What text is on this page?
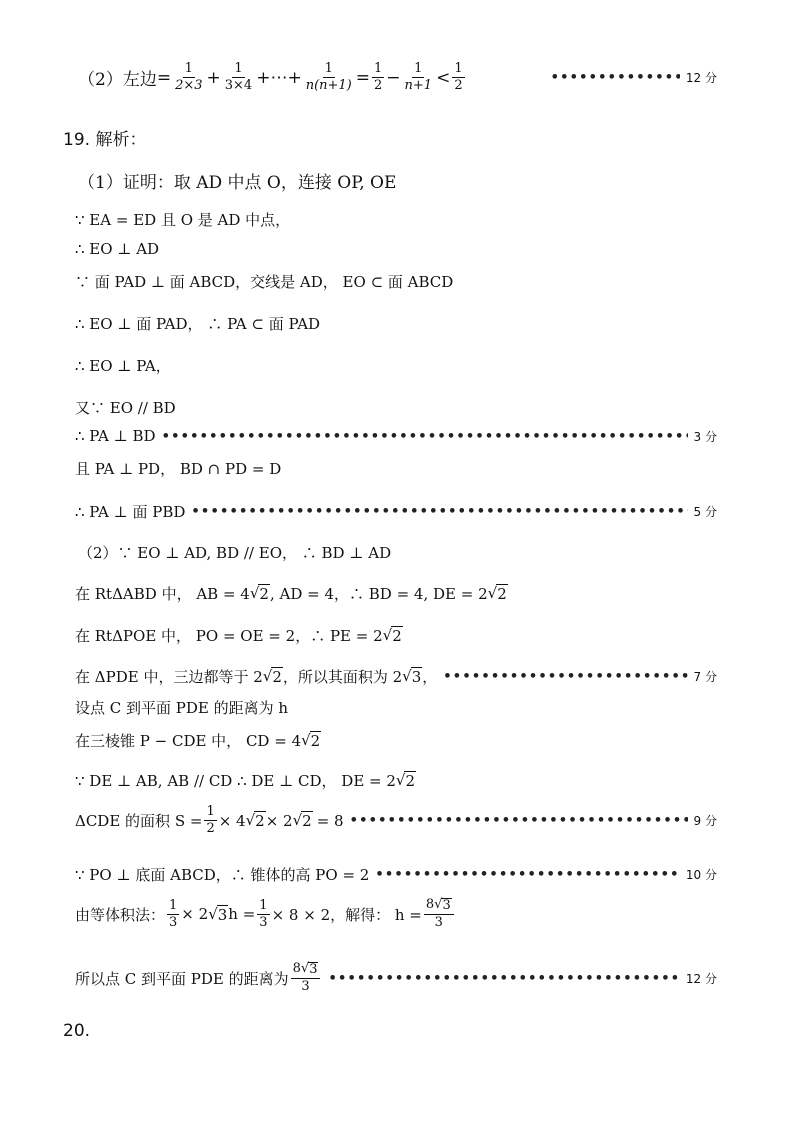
（2）左边 = $\frac{1}{2\times 3} + \frac{1}{3\times 4}$ +⋯+ $\frac{1}{n(n+1)} = \frac{1}{2} - \frac{1}{n+1} < \frac{1}{2}$ •••••	12 分
19. 解析：
（1）证明：取 AD 中点 O，连接 OP, OE
∵ EA = ED 且 O 是 AD 中点，
∴ EO ⊥ AD
∵ 面 PAD ⊥ 面 ABCD，交线是 AD， EO ⊂ 面 ABCD
∴ EO ⊥ 面 PAD， ∴ PA ⊂ 面 PAD
∴ EO ⊥ PA，
又∵ EO // BD
∴ PA ⊥ BD •••••	3 分
且 PA ⊥ PD， BD ∩ PD = D
∴ PA ⊥ 面 PBD •••••	5 分
（2）∵ EO ⊥ AD, BD // EO， ∴ BD ⊥ AD
在 RtΔABD 中， AB = 4 √ 2 , AD = 4，∴ BD = 4, DE = 2 √ 2
在 RtΔPOE 中， PO = OE = 2，∴ PE = 2 √ 2
在 ΔPDE 中，三边都等于 2 √ 2 ，所以其面积为 2 √ 3 ， •••••	7 分
设点 C 到平面 PDE 的距离为 h
在三棱锥 P − CDE 中， CD = 4 √ 2
∵ DE ⊥ AB, AB // CD ∴ DE ⊥ CD， DE = 2 √ 2
ΔCDE 的面积 $S = \frac{1}{2} \times 4$ √ 2 × 2 √ 2 = 8 •••••	9 分
∵ PO ⊥ 底面 ABCD，∴ 锥体的高 PO = 2 •••••	10 分
由等体积法： $\frac{1}{3} \times 2$ √ 3 $h = \frac{1}{3} \times 8 \times 2$，解得： $h = \frac{8√ 3}{3}$
所以点 C 到平面 PDE 的距离为 $\frac{8√ 3}{3}$ •••••	12 分
20.
